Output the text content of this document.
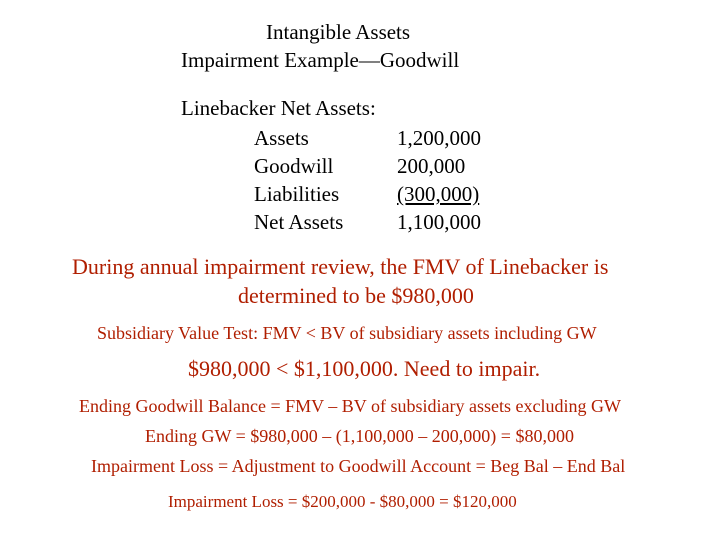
Intangible Assets
Impairment Example—Goodwill
Linebacker Net Assets:
Assets	1,200,000
Goodwill	200,000
Liabilities	(300,000)
Net Assets	1,100,000
During annual impairment review, the FMV of Linebacker is
determined to be $980,000
Subsidiary Value Test: FMV < BV of subsidiary assets including GW
$980,000 < $1,100,000. Need to impair.
Ending Goodwill Balance = FMV – BV of subsidiary assets excluding GW
Ending GW = $980,000 – (1,100,000 – 200,000) = $80,000
Impairment Loss = Adjustment to Goodwill Account = Beg Bal – End Bal
Impairment Loss = $200,000 - $80,000 = $120,000
